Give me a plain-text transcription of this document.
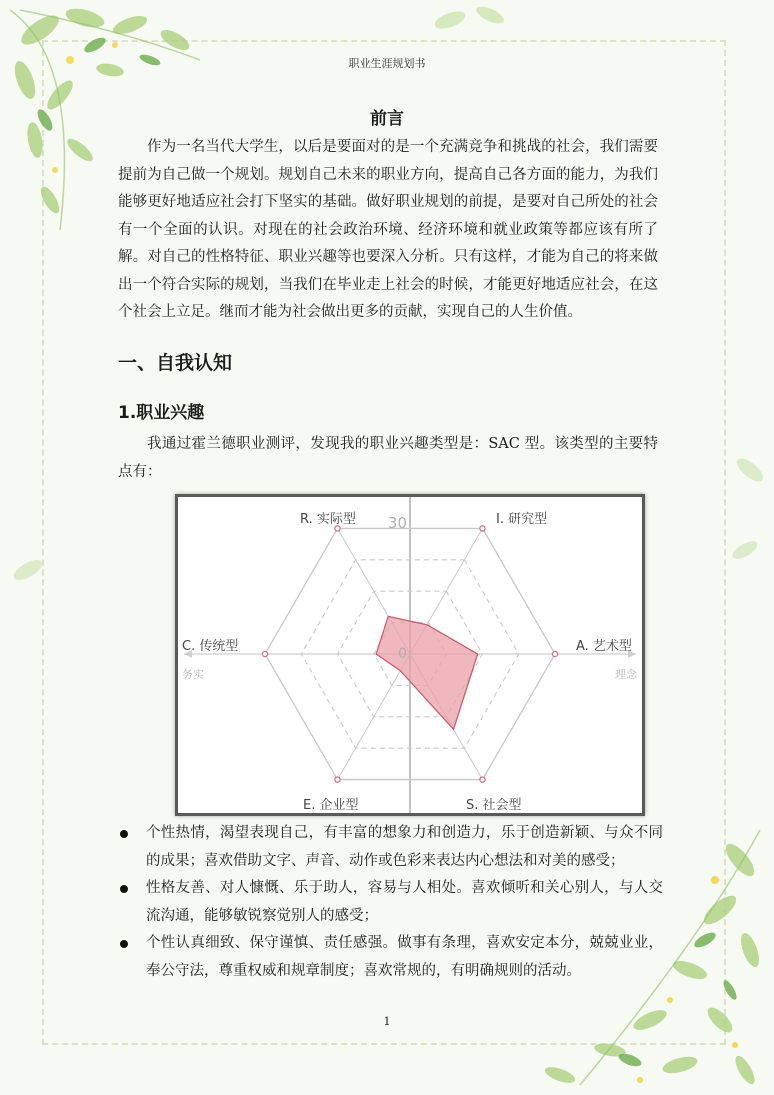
职业生涯规划书
前言

作为一名当代大学生，以后是要面对的是一个充满竞争和挑战的社会，我们需要提前为自己做一个规划。规划自己未来的职业方向，提高自己各方面的能力，为我们能够更好地适应社会打下坚实的基础。做好职业规划的前提，是要对自己所处的社会有一个全面的认识。对现在的社会政治环境、经济环境和就业政策等都应该有所了解。对自己的性格特征、职业兴趣等也要深入分析。只有这样，才能为自己的将来做出一个符合实际的规划，当我们在毕业走上社会的时候，才能更好地适应社会，在这个社会上立足。继而才能为社会做出更多的贡献，实现自己的人生价值。

一、自我认知
1.职业兴趣

我通过霍兰德职业测评，发现我的职业兴趣类型是：SAC 型。该类型的主要特点有：

I. 研究型
A. 艺术型
S. 社会型
E. 企业型
C. 传统型
R. 实际型 30
0
务实	理念
个性热情，渴望表现自己，有丰富的想象力和创造力，乐于创造新颖、与众不同的成果；喜欢借助文字、声音、动作或色彩来表达内心想法和对美的感受；
性格友善、对人慷慨、乐于助人，容易与人相处。喜欢倾听和关心别人，与人交流沟通，能够敏锐察觉别人的感受；
个性认真细致、保守谨慎、责任感强。做事有条理，喜欢安定本分，兢兢业业，奉公守法，尊重权威和规章制度；喜欢常规的，有明确规则的活动。
1
